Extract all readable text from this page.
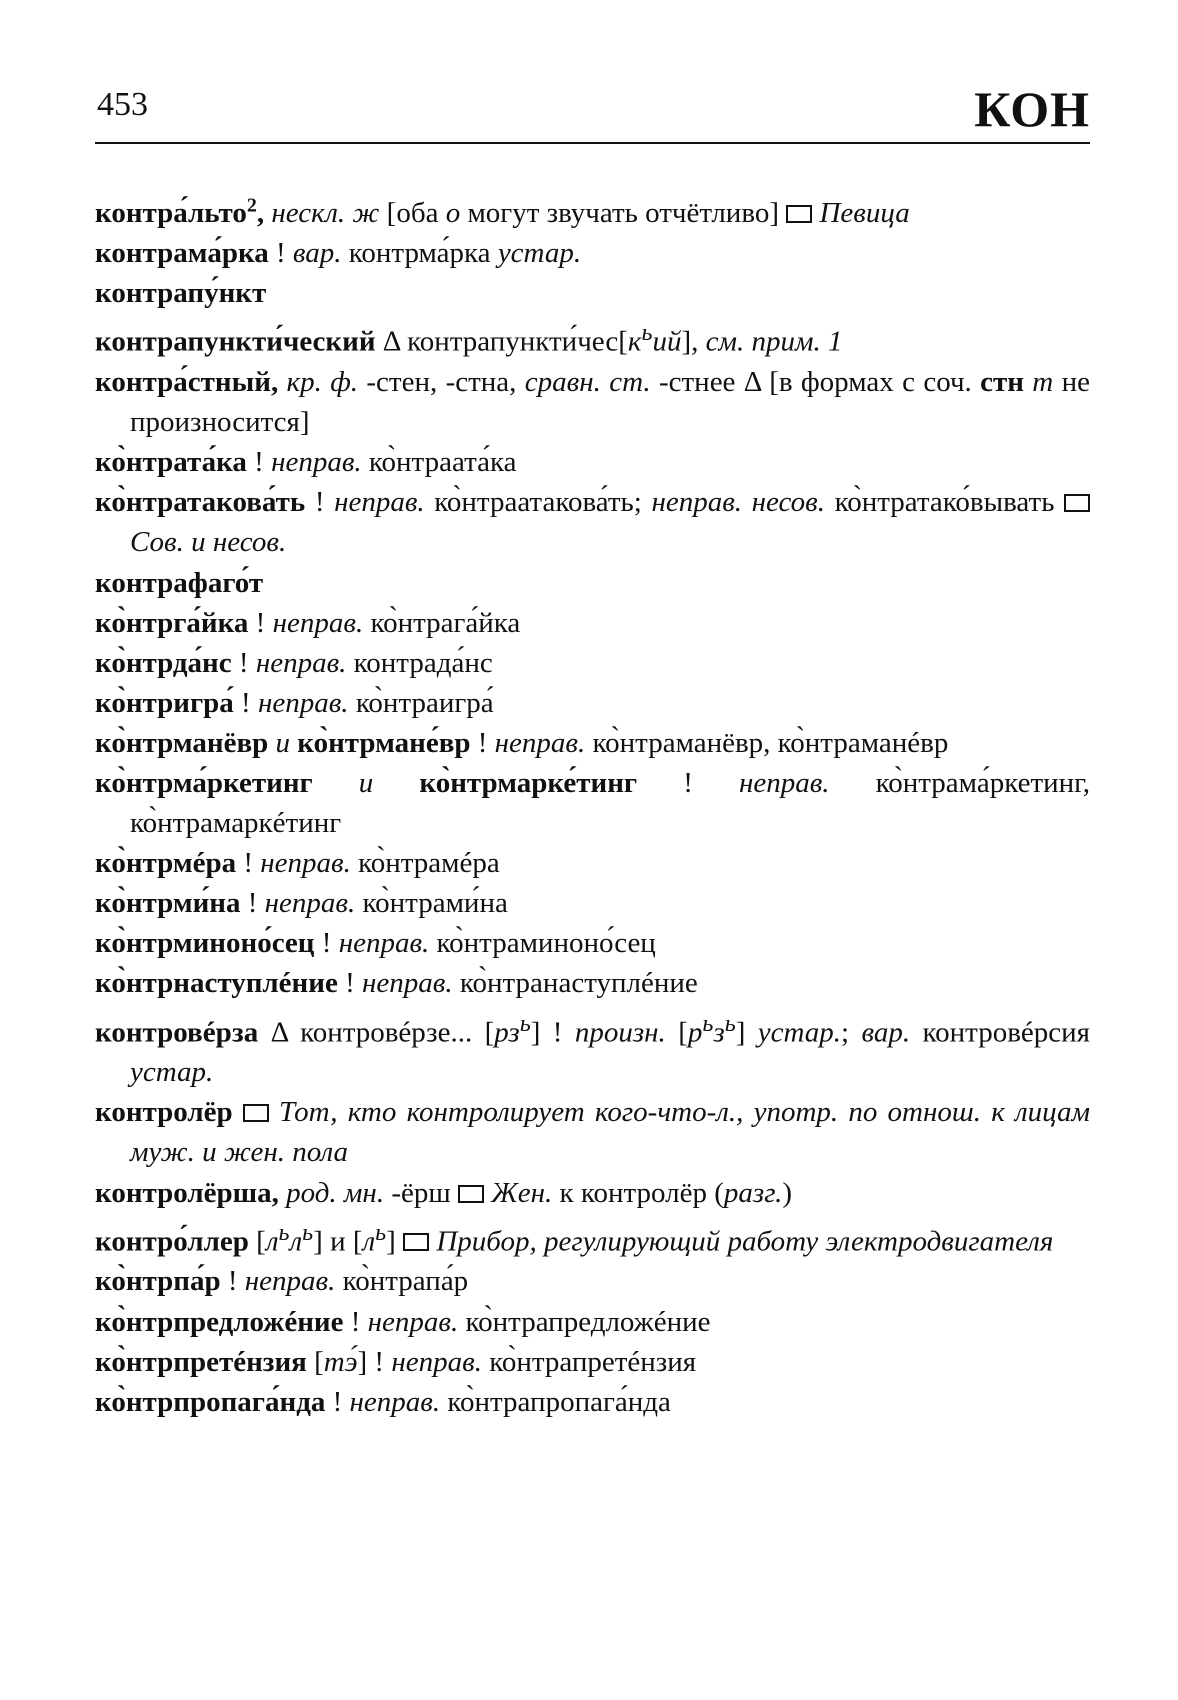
453	КОН
контра́льто$^2$, нескл. ж [оба о могут звучать отчётливо]  Певица
контрама́рка ! вар. контрма́рка устар.
контрапу́нкт
контрапункти́ческий Δ $контрапункти́чес[к^ьий]$, см. прим. 1
контра́стный, кр. ф. -стен, -стна, сравн. ст. -стнее Δ [в формах с соч. стн т не произносится]
ко̀нтрата́ка ! неправ. ко̀нтраата́ка
ко̀нтратакова́ть ! неправ. ко̀нтраатакова́ть; неправ. несов. ко̀нтратако́вывать  Сов. и несов.
контрафаго́т
ко̀нтрга́йка ! неправ. ко̀нтрага́йка
ко̀нтрда́нс ! неправ. контрада́нс
ко̀нтригра́ ! неправ. ко̀нтраигра́
ко̀нтрманёвр и ко̀нтрмане́вр ! неправ. ко̀нтраманёвр, ко̀нтраманéвр
ко̀нтрма́ркетинг и ко̀нтрмарке́тинг ! неправ. ко̀нтрама́ркетинг, ко̀нтрамаркéтинг
ко̀нтрмéра ! неправ. ко̀нтрамéра
ко̀нтрми́на ! неправ. ко̀нтрами́на
ко̀нтрминоно́сец ! неправ. ко̀нтраминоно́сец
ко̀нтрнаступлéние ! неправ. ко̀нтранаступлéние
контровéрза Δ контровéрзе... $[рз^ь]$ ! произн. $[р^ьз^ь]$ устар.; вар. контровéрсия устар.
контролёр  Тот, кто контролирует кого-что-л., употр. по отнош. к лицам муж. и жен. пола
контролёрша, род. мн. -ёрш  Жен. к контролёр (разг.)
контро́ллер $[л^ьл^ь]$ и $[л^ь]$  Прибор, регулирующий работу электродвигателя
ко̀нтрпа́р ! неправ. ко̀нтрапа́р
ко̀нтрпредложéние ! неправ. ко̀нтрапредложéние
ко̀нтрпретéнзия [тэ́] ! неправ. ко̀нтрапретéнзия
ко̀нтрпропага́нда ! неправ. ко̀нтрапропага́нда
